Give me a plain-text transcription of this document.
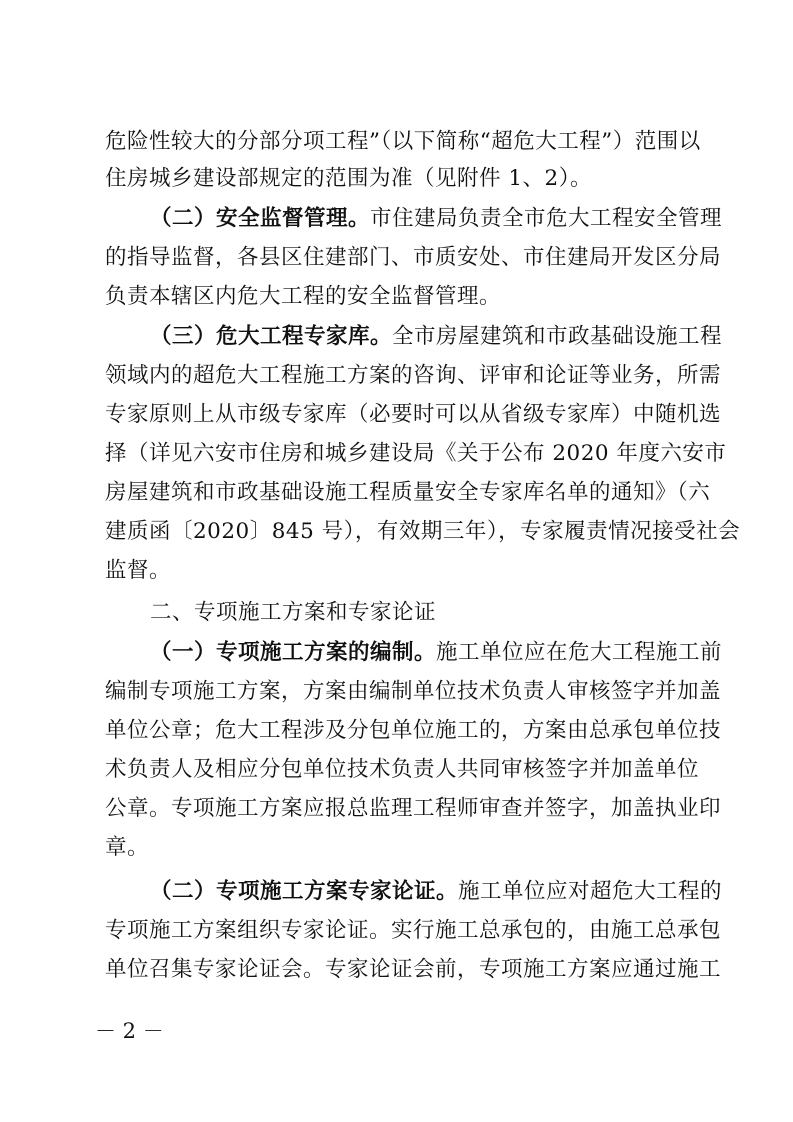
危险性较大的分部分项工程”（以下简称“超危大工程”）范围以
住房城乡建设部规定的范围为准（见附件 1、2）。
（二）安全监督管理。市住建局负责全市危大工程安全管理
的指导监督，各县区住建部门、市质安处、市住建局开发区分局
负责本辖区内危大工程的安全监督管理。
（三）危大工程专家库。全市房屋建筑和市政基础设施工程
领域内的超危大工程施工方案的咨询、评审和论证等业务，所需
专家原则上从市级专家库（必要时可以从省级专家库）中随机选
择（详见六安市住房和城乡建设局《关于公布 2020 年度六安市
房屋建筑和市政基础设施工程质量安全专家库名单的通知》（六
建质函〔2020〕845 号），有效期三年），专家履责情况接受社会
监督。
二、专项施工方案和专家论证
（一）专项施工方案的编制。施工单位应在危大工程施工前
编制专项施工方案，方案由编制单位技术负责人审核签字并加盖
单位公章；危大工程涉及分包单位施工的，方案由总承包单位技
术负责人及相应分包单位技术负责人共同审核签字并加盖单位
公章。专项施工方案应报总监理工程师审查并签字，加盖执业印
章。
（二）专项施工方案专家论证。施工单位应对超危大工程的
专项施工方案组织专家论证。实行施工总承包的，由施工总承包
单位召集专家论证会。专家论证会前，专项施工方案应通过施工
－ 2 －
